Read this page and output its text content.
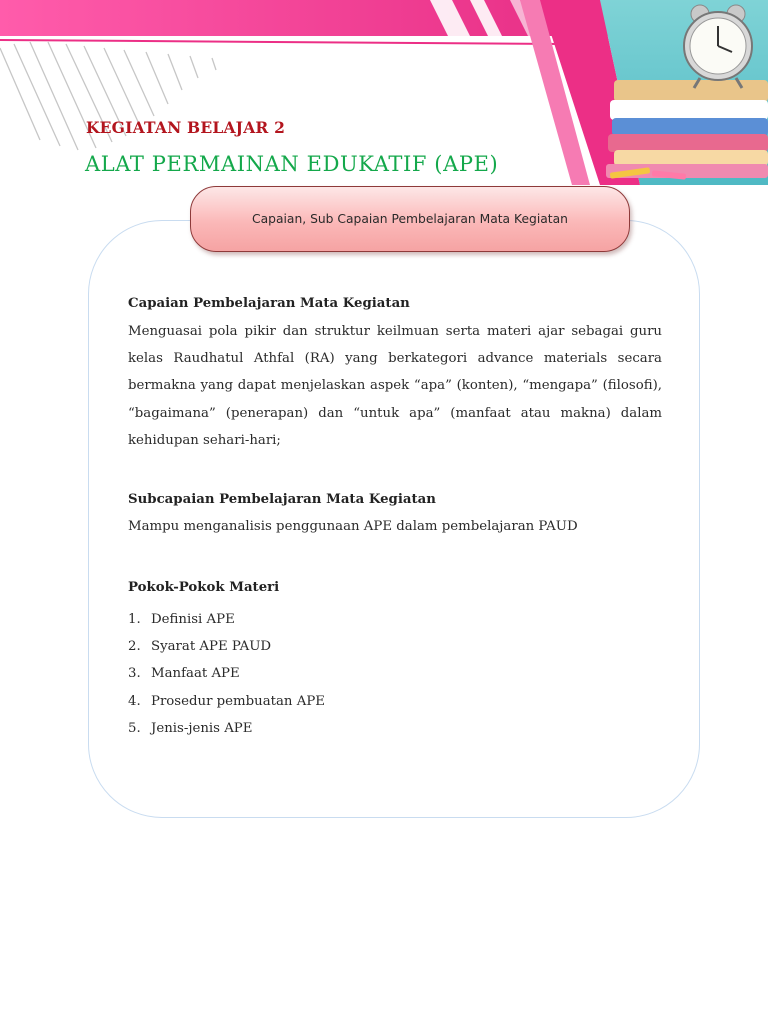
KEGIATAN BELAJAR 2
ALAT PERMAINAN EDUKATIF (APE)
Capaian, Sub Capaian Pembelajaran Mata Kegiatan
Capaian Pembelajaran Mata Kegiatan
Menguasai pola pikir dan struktur keilmuan serta materi ajar sebagai guru kelas Raudhatul Athfal (RA) yang berkategori advance materials secara bermakna yang dapat menjelaskan aspek “apa” (konten), “mengapa” (filosofi), “bagaimana” (penerapan) dan “untuk apa” (manfaat atau makna) dalam kehidupan sehari-hari;
Subcapaian Pembelajaran Mata Kegiatan
Mampu menganalisis penggunaan APE dalam pembelajaran PAUD
Pokok-Pokok Materi
1. Definisi APE
2. Syarat APE PAUD
3. Manfaat APE
4. Prosedur pembuatan APE
5. Jenis-jenis APE
